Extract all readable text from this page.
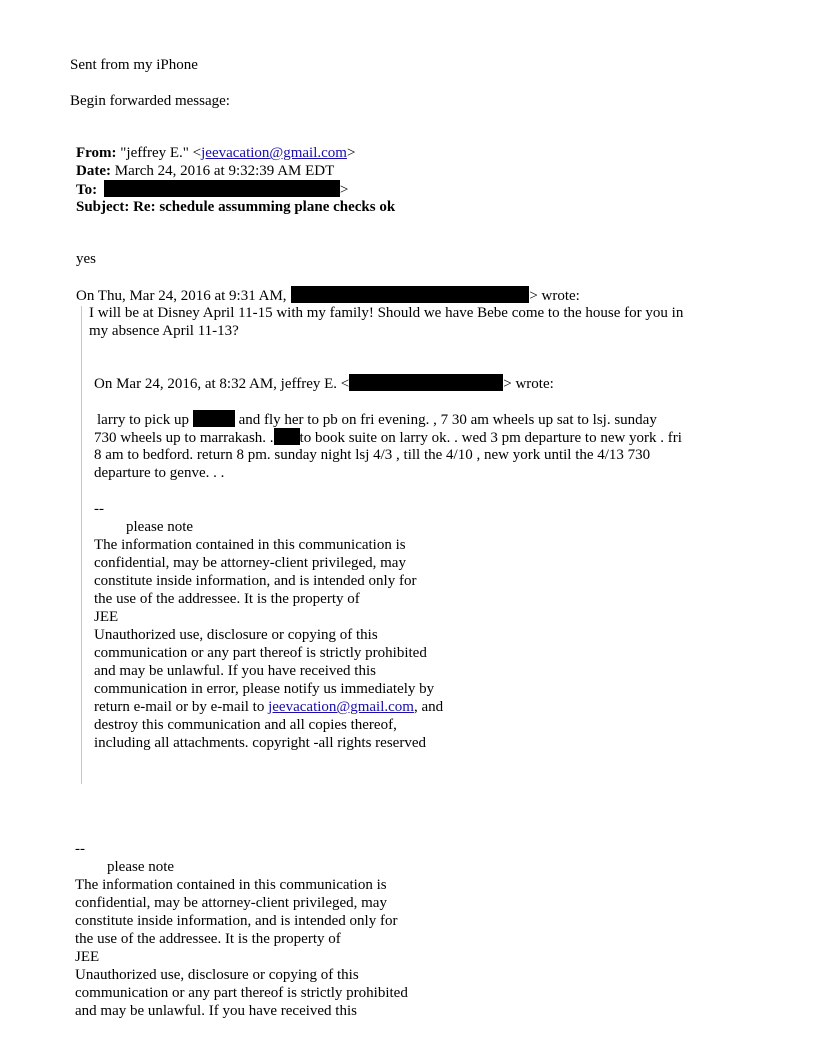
Sent from my iPhone
Begin forwarded message:
From: "jeffrey E." <jeevacation@gmail.com>
Date: March 24, 2016 at 9:32:39 AM EDT
To:	>
Subject: Re: schedule assumming plane checks ok
yes
On Thu, Mar 24, 2016 at 9:31 AM,	> wrote:
I will be at Disney April 11-15 with my family! Should we have Bebe come to the house for you in
my absence April 11-13?
On Mar 24, 2016, at 8:32 AM, jeffrey E. <	> wrote:
larry to pick up	and fly her to pb on fri evening. , 7 30 am wheels up sat to lsj. sunday
730 wheels up to marrakash. . to book suite on larry ok. . wed 3 pm departure to new york . fri
8 am to bedford. return 8 pm. sunday night lsj 4/3 , till the 4/10 , new york until the 4/13 730
departure to genve. . .
--
please note
The information contained in this communication is
confidential, may be attorney-client privileged, may
constitute inside information, and is intended only for
the use of the addressee. It is the property of
JEE
Unauthorized use, disclosure or copying of this
communication or any part thereof is strictly prohibited
and may be unlawful. If you have received this
communication in error, please notify us immediately by
return e-mail or by e-mail to jeevacation@gmail.com, and
destroy this communication and all copies thereof,
including all attachments. copyright -all rights reserved
--
please note
The information contained in this communication is
confidential, may be attorney-client privileged, may
constitute inside information, and is intended only for
the use of the addressee. It is the property of
JEE
Unauthorized use, disclosure or copying of this
communication or any part thereof is strictly prohibited
and may be unlawful. If you have received this
